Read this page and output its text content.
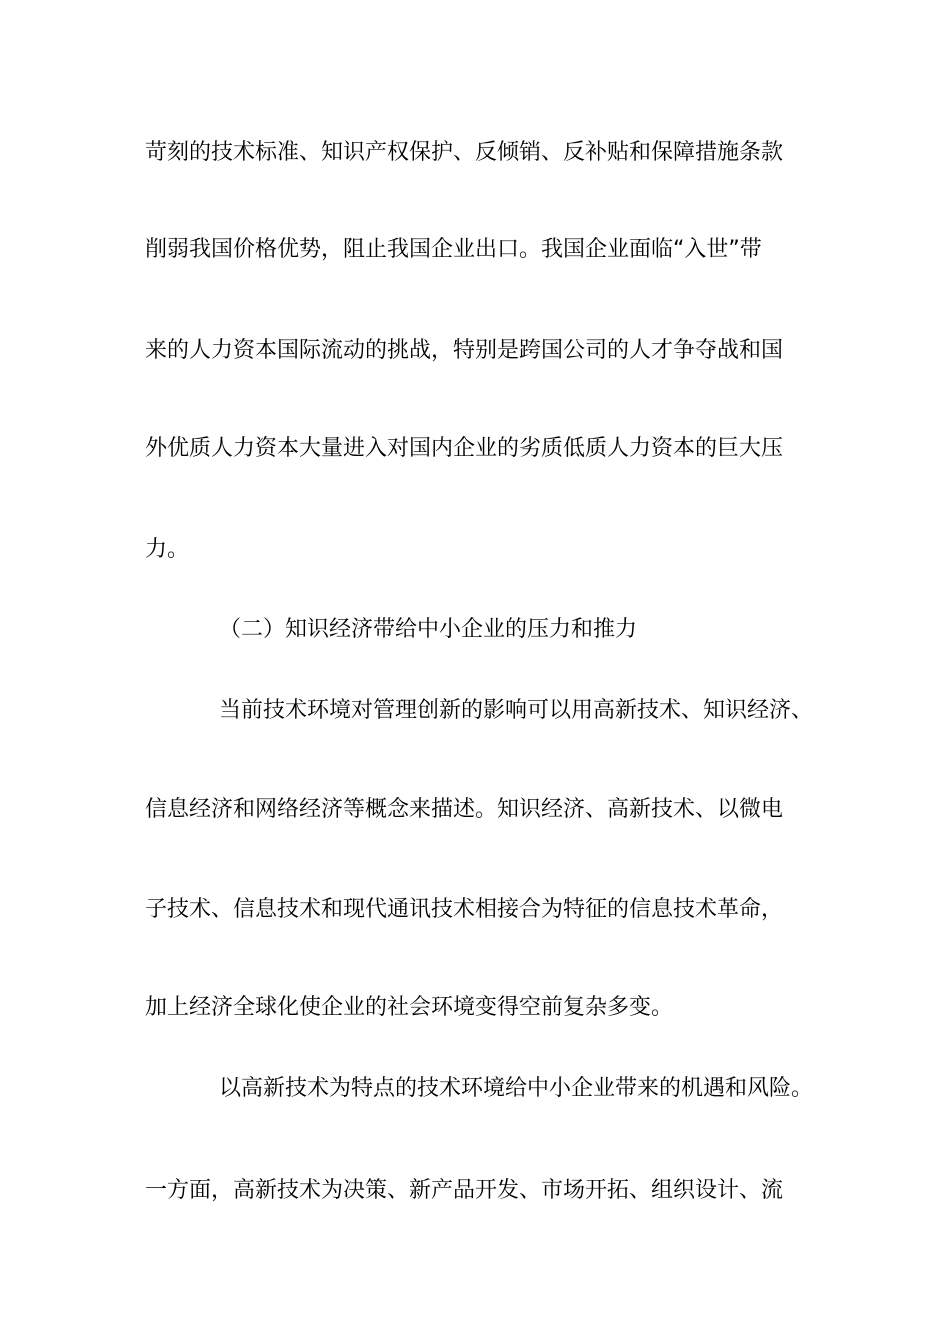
苛刻的技术标准、知识产权保护、反倾销、反补贴和保障措施条款
削弱我国价格优势，阻止我国企业出口。我国企业面临“入世”带
来的人力资本国际流动的挑战，特别是跨国公司的人才争夺战和国
外优质人力资本大量进入对国内企业的劣质低质人力资本的巨大压
力。
（二）知识经济带给中小企业的压力和推力
当前技术环境对管理创新的影响可以用高新技术、知识经济、
信息经济和网络经济等概念来描述。知识经济、高新技术、以微电
子技术、信息技术和现代通讯技术相接合为特征的信息技术革命，
加上经济全球化使企业的社会环境变得空前复杂多变。
以高新技术为特点的技术环境给中小企业带来的机遇和风险。
一方面，高新技术为决策、新产品开发、市场开拓、组织设计、流
